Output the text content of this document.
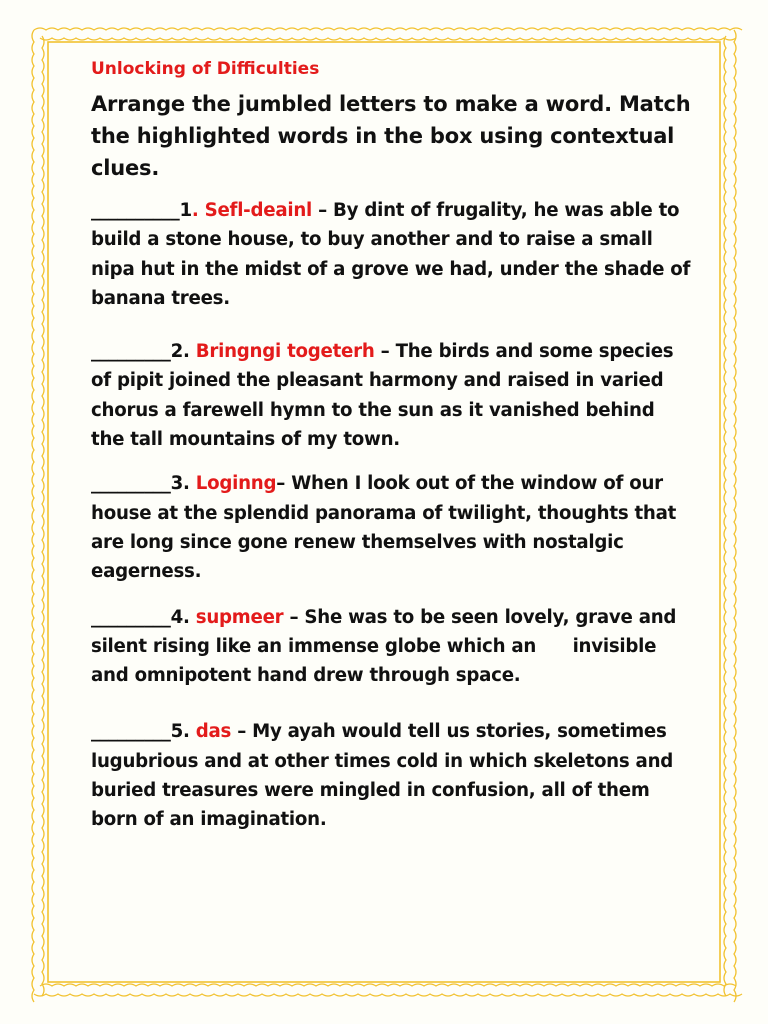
Unlocking of Difficulties
Arrange the jumbled letters to make a word. Match the highlighted words in the box using contextual clues.

__________1. Sefl-deainl – By dint of frugality, he was able to build a stone house, to buy another and to raise a small nipa hut in the midst of a grove we had, under the shade of banana trees.

_________2. Bringngi togeterh – The birds and some species of pipit joined the pleasant harmony and raised in varied chorus a farewell hymn to the sun as it vanished behind the tall mountains of my town.

_________3. Loginng– When I look out of the window of our house at the splendid panorama of twilight, thoughts that are long since gone renew themselves with nostalgic eagerness.

_________4. supmeer – She was to be seen lovely, grave and silent rising like an immense globe which an      invisible and omnipotent hand drew through space.

_________5. das – My ayah would tell us stories, sometimes lugubrious and at other times cold in which skeletons and buried treasures were mingled in confusion, all of them born of an imagination.
